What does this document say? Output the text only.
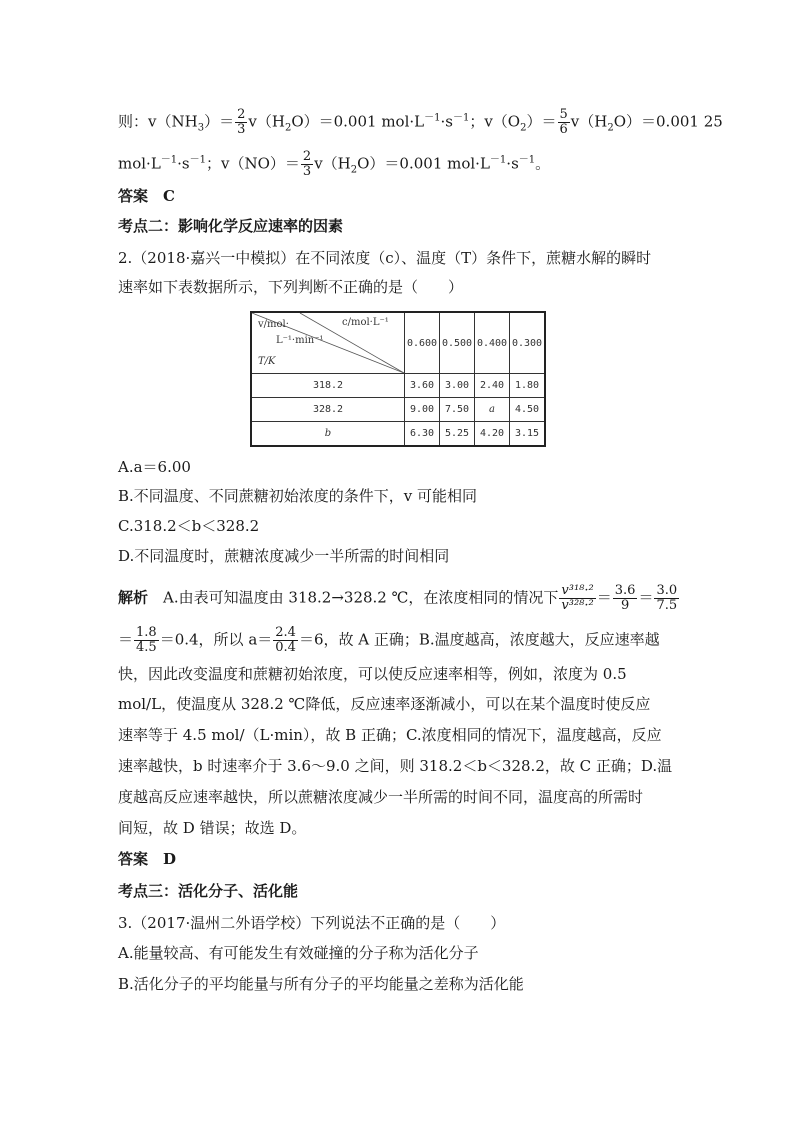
则：$v(NH_3)= \frac{2}{3} v(H_2O)=0.001$ $mol\cdot L^{-1}\cdot s^{-1}$；$v(O_2)= \frac{5}{6} v(H_2O)=0.001$ 25
$mol\cdot L^{-1}\cdot s^{-1}$；$v(NO)= \frac{2}{3} v(H_2O)=0.001$ $mol\cdot L^{-1}\cdot s^{-1}$。
答案　C
考点二：影响化学反应速率的因素
2.（2018·嘉兴一中模拟）在不同浓度（c）、温度（T）条件下，蔗糖水解的瞬时
速率如下表数据所示，下列判断不正确的是（　　）
v/mol· c/mol·L⁻¹
L⁻¹·min⁻¹
T/K	0.600	0.500	0.400	0.300
318.2	3.60	3.00	2.40	1.80
328.2	9.00	7.50	a	4.50
b	6.30	5.25	4.20	3.15
A.a＝6.00
B.不同温度、不同蔗糖初始浓度的条件下，v 可能相同
C.318.2＜b＜328.2
D.不同温度时，蔗糖浓度减少一半所需的时间相同
解析　 A.由表可知温度由 318.2→328.2 ℃，在浓度相同的情况下 $\frac{\text{v³¹⁸·²}}{\text{v³²⁸·²}} = \frac{3.6}{9} = \frac{3.0}{7.5}$
＝ $\frac{1.8}{4.5} =0.4$，所以 $a= \frac{2.4}{0.4} =6$，故 A 正确；B.温度越高，浓度越大，反应速率越
快，因此改变温度和蔗糖初始浓度，可以使反应速率相等，例如，浓度为 0.5
mol/L，使温度从 328.2 ℃降低，反应速率逐渐减小，可以在某个温度时使反应
速率等于 4.5 mol/（L·min），故 B 正确；C.浓度相同的情况下，温度越高，反应
速率越快，b 时速率介于 3.6～9.0 之间，则 318.2＜b＜328.2，故 C 正确；D.温
度越高反应速率越快，所以蔗糖浓度减少一半所需的时间不同，温度高的所需时
间短，故 D 错误；故选 D。
答案　D
考点三：活化分子、活化能
3.（2017·温州二外语学校）下列说法不正确的是（　　）
A.能量较高、有可能发生有效碰撞的分子称为活化分子
B.活化分子的平均能量与所有分子的平均能量之差称为活化能
